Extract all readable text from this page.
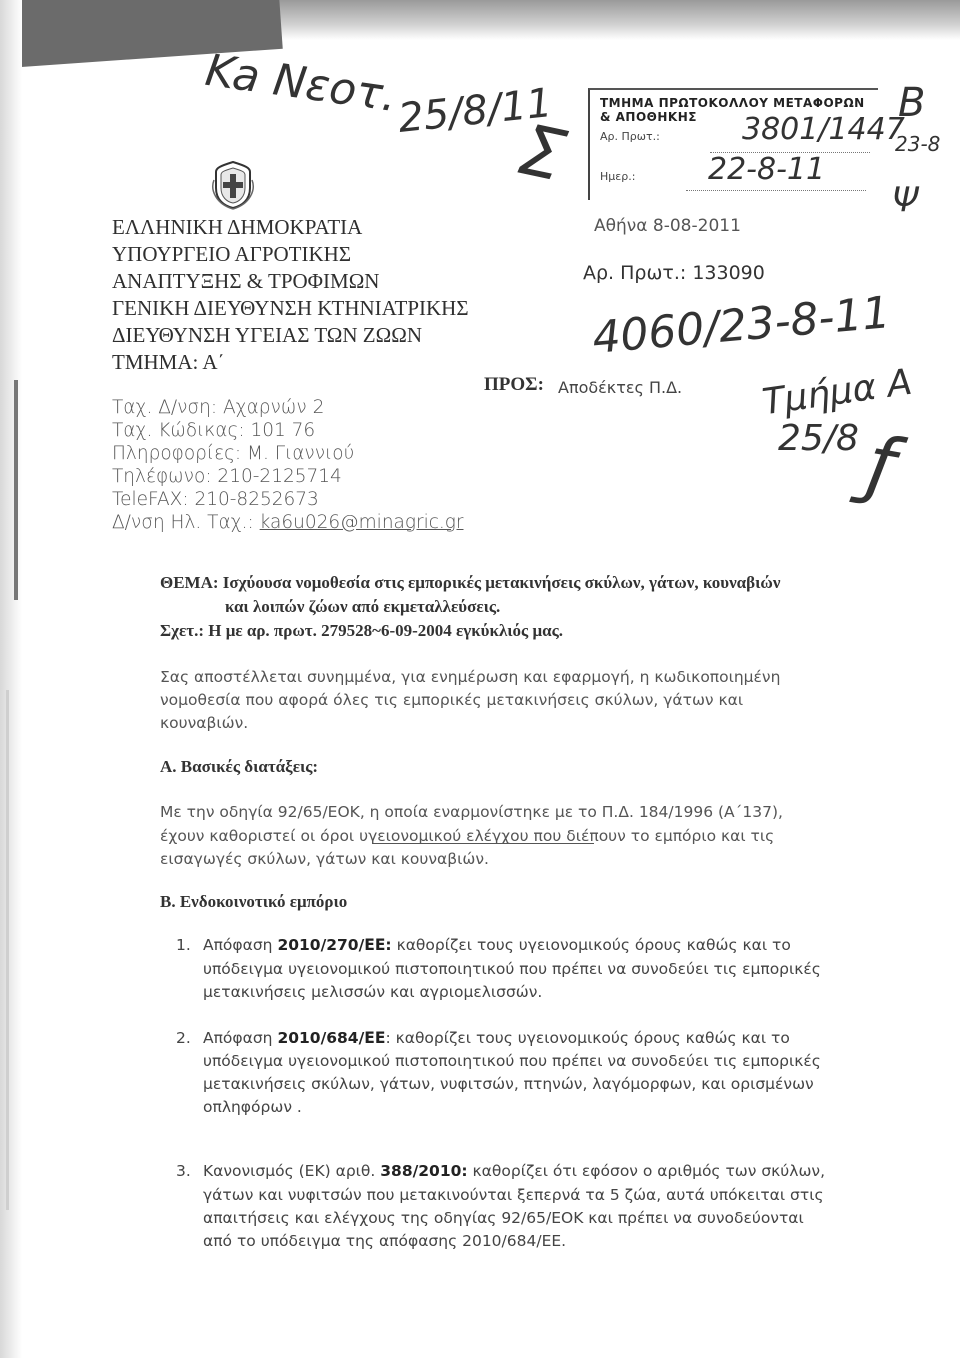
Ka Νεοτ.
25/8/11
Σ
ΤΜΗΜΑ ΠΡΩΤΟΚΟΛΛΟΥ ΜΕΤΑΦΟΡΩΝ & ΑΠΟΘΗΚΗΣ
Αρ. Πρωτ.:	3801/1447
Ημερ.: 22-8-11
B
23-8
Ψ
ΕΛΛΗΝΙΚΗ ΔΗΜΟΚΡΑΤΙΑ
ΥΠΟΥΡΓΕΙΟ ΑΓΡΟΤΙΚΗΣ
ΑΝΑΠΤΥΞΗΣ & ΤΡΟΦΙΜΩΝ
ΓΕΝΙΚΗ ΔΙΕΥΘΥΝΣΗ ΚΤΗΝΙΑΤΡΙΚΗΣ
ΔΙΕΥΘΥΝΣΗ ΥΓΕΙΑΣ ΤΩΝ ΖΩΩΝ
ΤΜΗΜΑ: Α΄
Ταχ. Δ/νση: Αχαρνών 2
Ταχ. Κώδικας: 101 76
Πληροφορίες: Μ. Γιαννιού
Τηλέφωνο: 210-2125714
TeleFAX: 210-8252673
Δ/νση Ηλ. Ταχ.: ka6u026@minagric.gr
Αθήνα 8-08-2011
Αρ. Πρωτ.: 133090
4060/23-8-11
ΠΡΟΣ: Αποδέκτες Π.Δ. Τμήμα Α
25/8 ƒ
ΘΕΜΑ: Ισχύουσα νομοθεσία στις εμπορικές μετακινήσεις σκύλων, γάτων, κουναβιών
και λοιπών ζώων από εκμεταλλεύσεις.
Σχετ.: Η με αρ. πρωτ. 279528~6-09-2004 εγκύκλιός μας.
Σας αποστέλλεται συνημμένα, για ενημέρωση και εφαρμογή, η κωδικοποιημένη
νομοθεσία που αφορά όλες τις εμπορικές μετακινήσεις σκύλων, γάτων και
κουναβιών.
Α. Βασικές διατάξεις:
Με την οδηγία 92/65/ΕΟΚ, η οποία εναρμονίστηκε με το Π.Δ. 184/1996 (Α΄137),
έχουν καθοριστεί οι όροι υγειονομικού ελέγχου που διέπουν το εμπόριο και τις
εισαγωγές σκύλων, γάτων και κουναβιών.
Β. Ενδοκοινοτικό εμπόριο
1. Απόφαση 2010/270/ΕΕ: καθορίζει τους υγειονομικούς όρους καθώς και το
υπόδειγμα υγειονομικού πιστοποιητικού που πρέπει να συνοδεύει τις εμπορικές
μετακινήσεις μελισσών και αγριομελισσών.
2. Απόφαση 2010/684/ΕΕ: καθορίζει τους υγειονομικούς όρους καθώς και το
υπόδειγμα υγειονομικού πιστοποιητικού που πρέπει να συνοδεύει τις εμπορικές
μετακινήσεις σκύλων, γάτων, νυφιτσών, πτηνών, λαγόμορφων, και ορισμένων
οπληφόρων .
3. Κανονισμός (ΕΚ) αριθ. 388/2010: καθορίζει ότι εφόσον ο αριθμός των σκύλων,
γάτων και νυφιτσών που μετακινούνται ξεπερνά τα 5 ζώα, αυτά υπόκειται στις
απαιτήσεις και ελέγχους της οδηγίας 92/65/ΕΟΚ και πρέπει να συνοδεύονται
από το υπόδειγμα της απόφασης 2010/684/ΕΕ.
